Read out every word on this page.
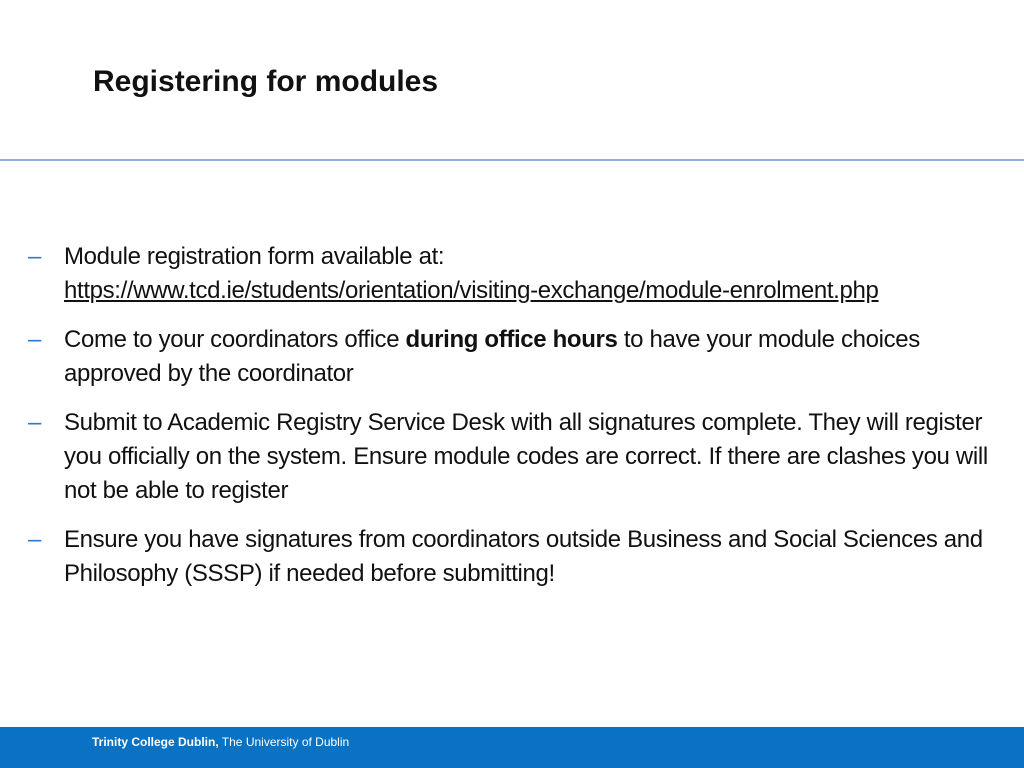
Registering for modules
– Module registration form available at:
https://www.tcd.ie/students/orientation/visiting-exchange/module-enrolment.php
– Come to your coordinators office during office hours to have your module choices approved by the coordinator
– Submit to Academic Registry Service Desk with all signatures complete. They will register you officially on the system. Ensure module codes are correct. If there are clashes you will not be able to register
– Ensure you have signatures from coordinators outside Business and Social Sciences and Philosophy (SSSP) if needed before submitting!
Trinity College Dublin, The University of Dublin
